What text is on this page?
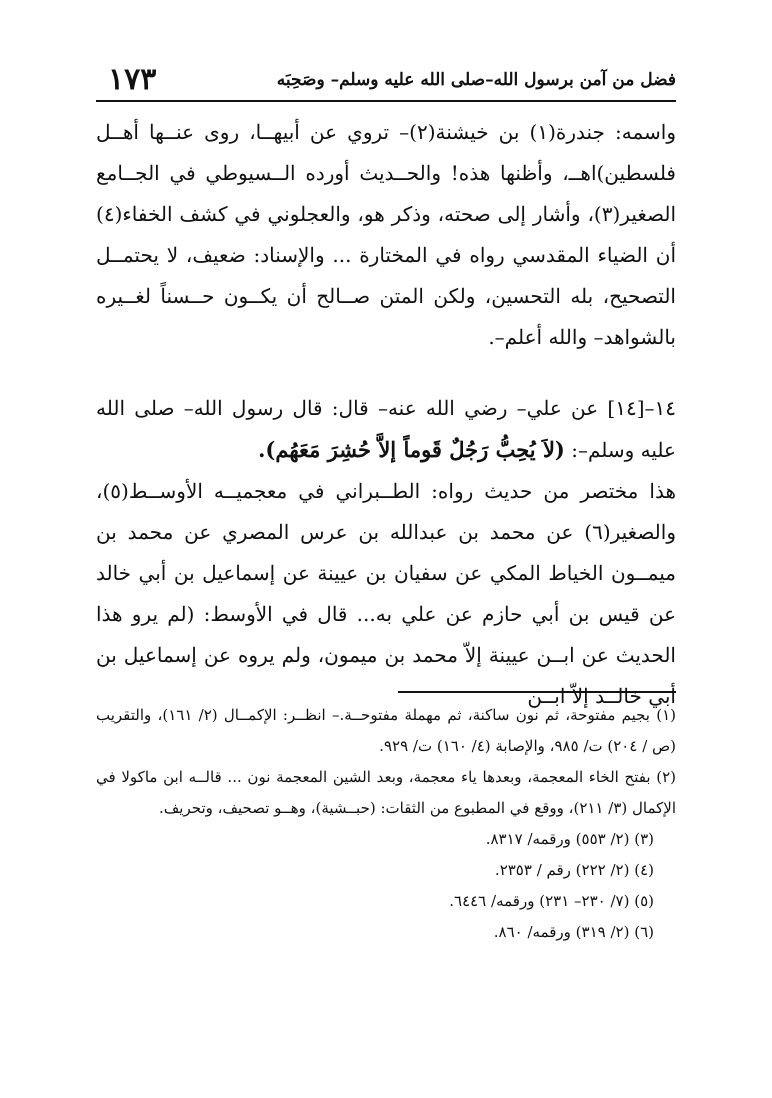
فضل من آمن برسول الله–صلى الله عليه وسلم– وصَحِبَه
١٧٣

واسمه: جندرة(١) بن خيشنة(٢)– تروي عن أبيهــا، روى عنــها أهــل فلسطين)اهــ، وأظنها هذه! والحــديث أورده الــسيوطي في الجــامع الصغير(٣)، وأشار إلى صحته، وذكر هو، والعجلوني في كشف الخفاء(٤) أن الضياء المقدسي رواه في المختارة ... والإسناد: ضعيف، لا يحتمــل التصحيح، بله التحسين، ولكن المتن صــالح أن يكــون حــسناً لغــيره بالشواهد– والله أعلم–.

١٤–[١٤] عن علي– رضي الله عنه– قال: قال رسول الله– صلى الله عليه وسلم–: (لاَ يُحِبُّ رَجُلٌ قَوماً إلاَّ حُشِرَ مَعَهُم).

هذا مختصر من حديث رواه: الطــبراني في معجميــه الأوســط(٥)، والصغير(٦) عن محمد بن عبدالله بن عرس المصري عن محمد بن ميمــون الخياط المكي عن سفيان بن عيينة عن إسماعيل بن أبي خالد عن قيس بن أبي حازم عن علي به... قال في الأوسط: (لم يرو هذا الحديث عن ابــن عيينة إلاّ محمد بن ميمون، ولم يروه عن إسماعيل بن أبي خالــد إلاّ ابــن

(١) بجيم مفتوحة، ثم نون ساكنة، ثم مهملة مفتوحــة.– انظــر: الإكمــال (٢/ ١٦١)، والتقريب (ص / ٢٠٤) ت/ ٩٨٥، والإصابة (٤/ ١٦٠) ت/ ٩٢٩.

(٢) بفتح الخاء المعجمة، وبعدها ياء معجمة، وبعد الشين المعجمة نون ... قالــه ابن ماكولا في الإكمال (٣/ ٢١١)، ووقع في المطبوع من الثقات: (حبــشية)، وهــو تصحيف، وتحريف.

(٣) (٢/ ٥٥٣) ورقمه/ ٨٣١٧.

(٤) (٢/ ٢٢٢) رقم / ٢٣٥٣.

(٥) (٧/ ٢٣٠– ٢٣١) ورقمه/ ٦٤٤٦.

(٦) (٢/ ٣١٩) ورقمه/ ٨٦٠.
